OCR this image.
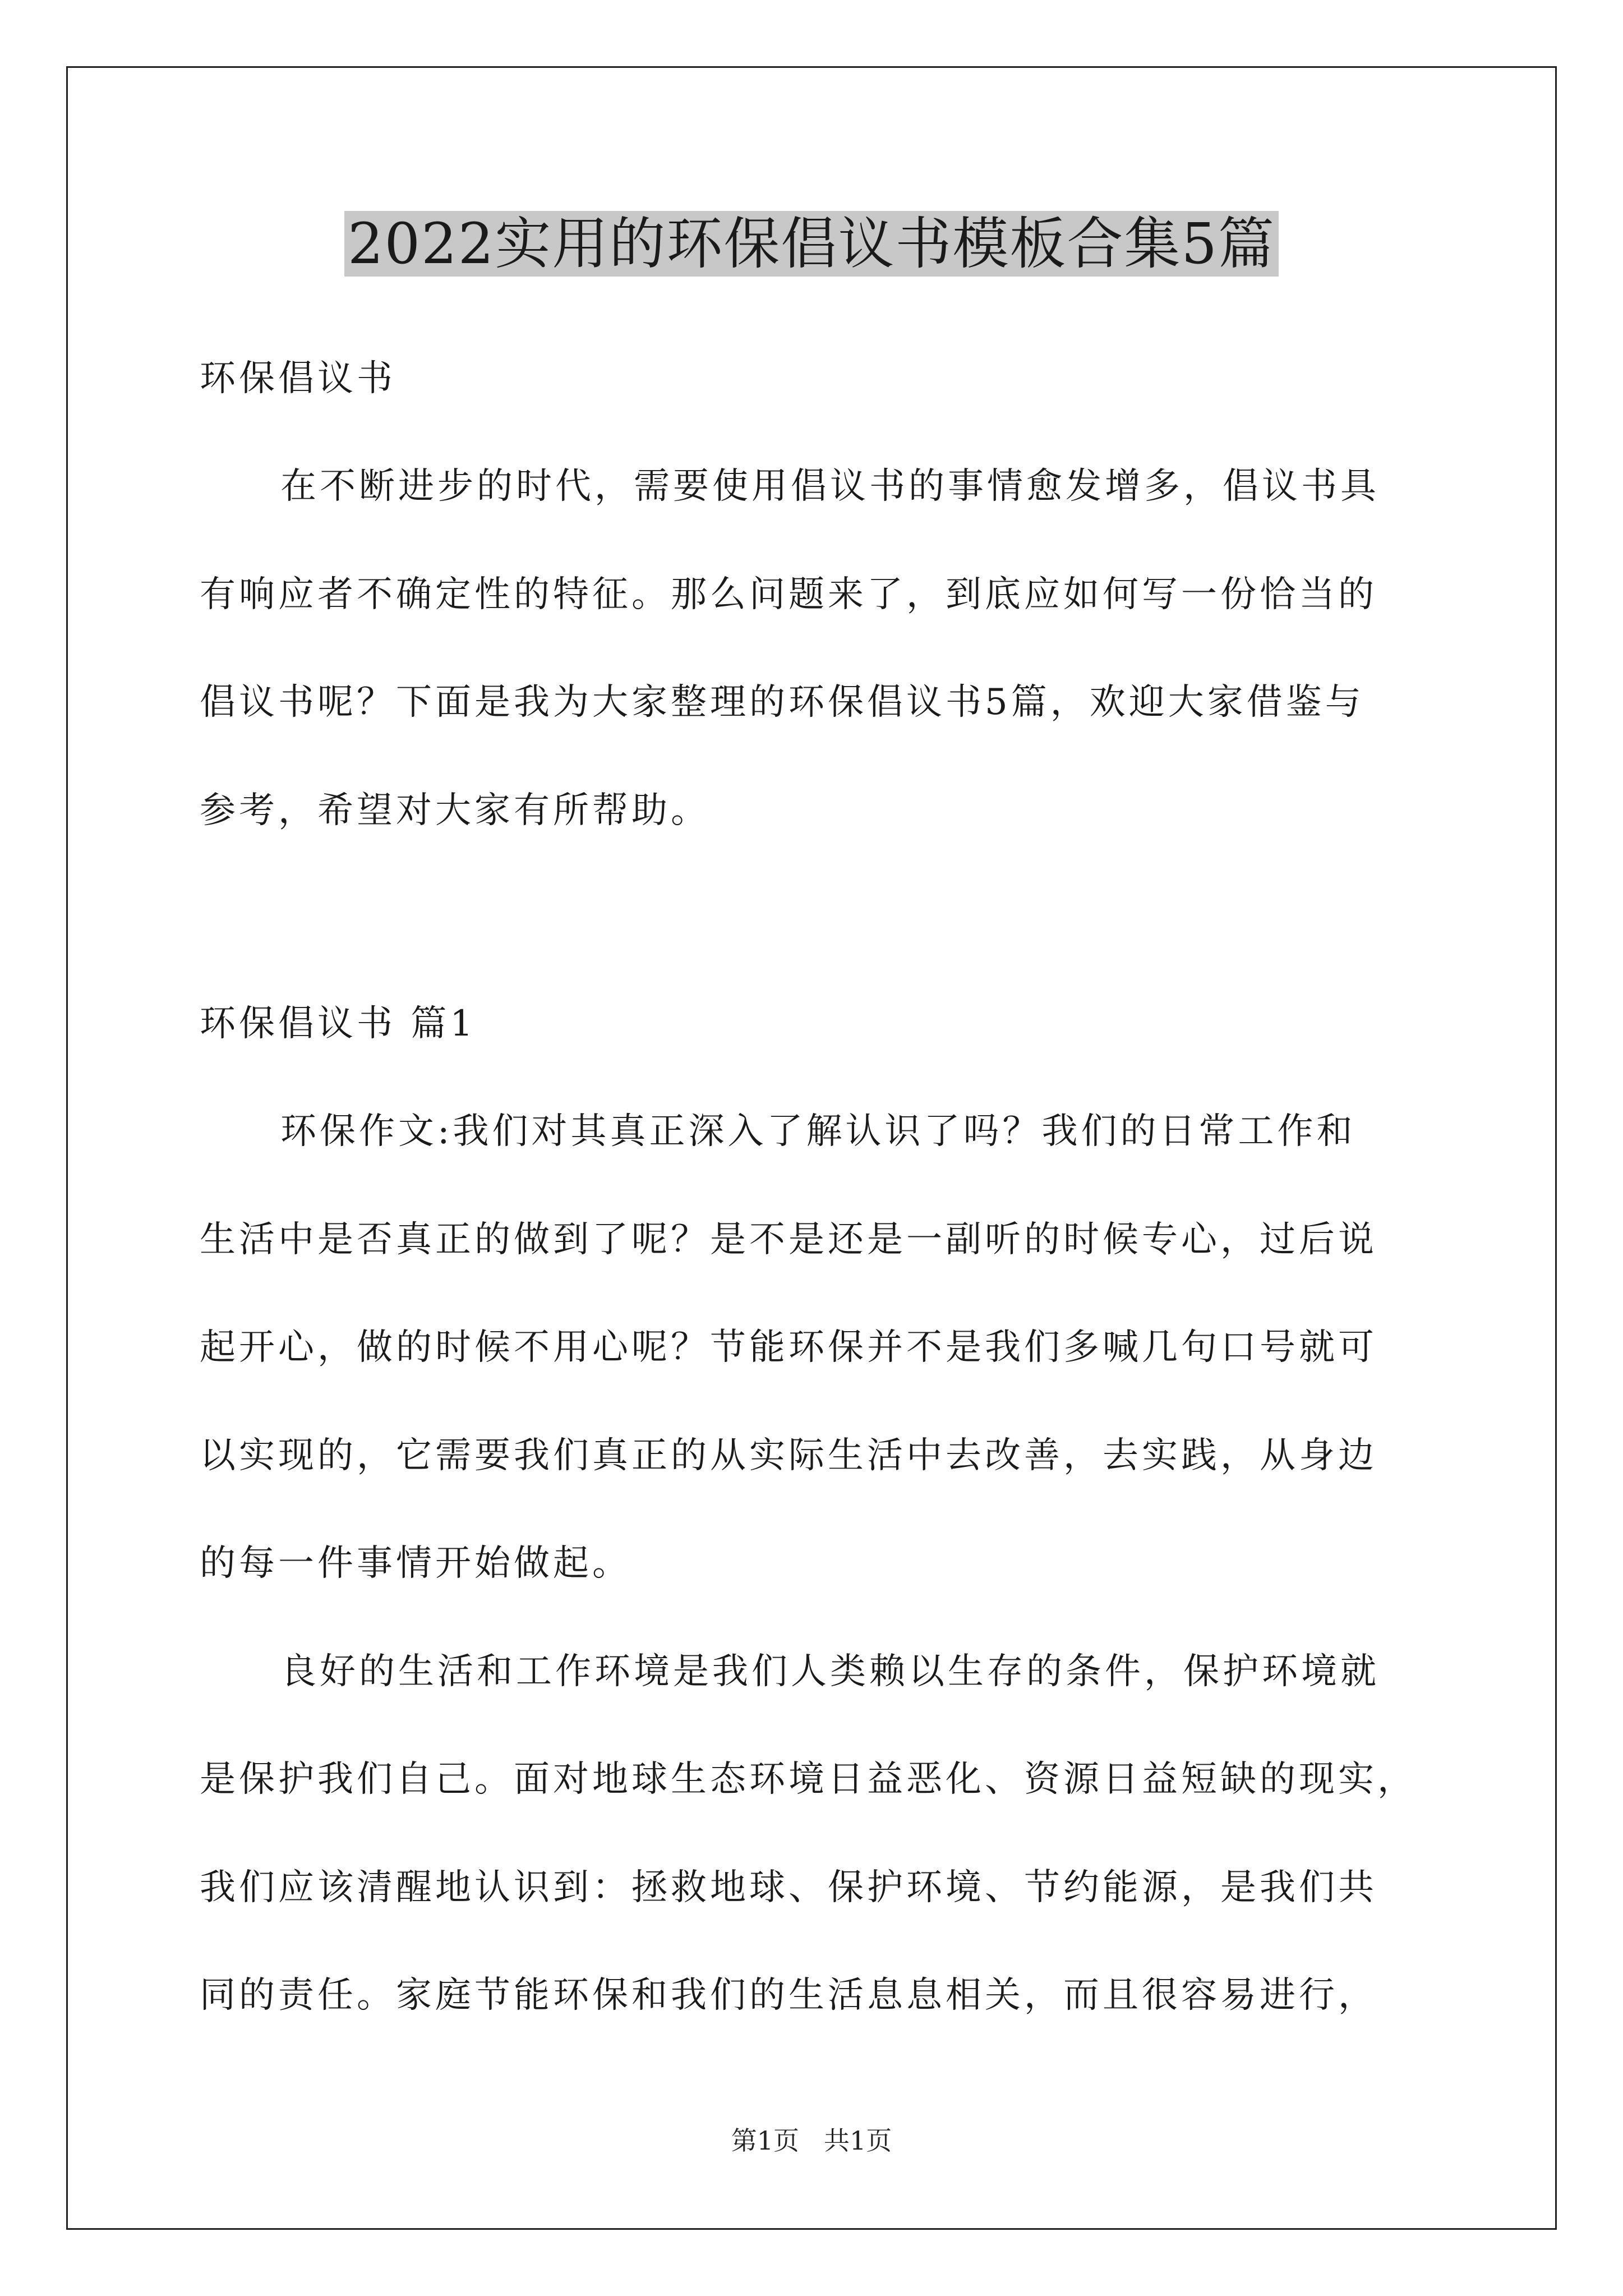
2022实用的环保倡议书模板合集5篇
环保倡议书
在不断进步的时代，需要使用倡议书的事情愈发增多，倡议书具
有响应者不确定性的特征。那么问题来了，到底应如何写一份恰当的
倡议书呢？下面是我为大家整理的环保倡议书5篇，欢迎大家借鉴与
参考，希望对大家有所帮助。
环保倡议书 篇1
环保作文:我们对其真正深入了解认识了吗？我们的日常工作和
生活中是否真正的做到了呢？是不是还是一副听的时候专心，过后说
起开心，做的时候不用心呢？节能环保并不是我们多喊几句口号就可
以实现的，它需要我们真正的从实际生活中去改善，去实践，从身边
的每一件事情开始做起。
良好的生活和工作环境是我们人类赖以生存的条件，保护环境就
是保护我们自己。面对地球生态环境日益恶化、资源日益短缺的现实，
我们应该清醒地认识到：拯救地球、保护环境、节约能源，是我们共
同的责任。家庭节能环保和我们的生活息息相关，而且很容易进行，
第1页 共1页
